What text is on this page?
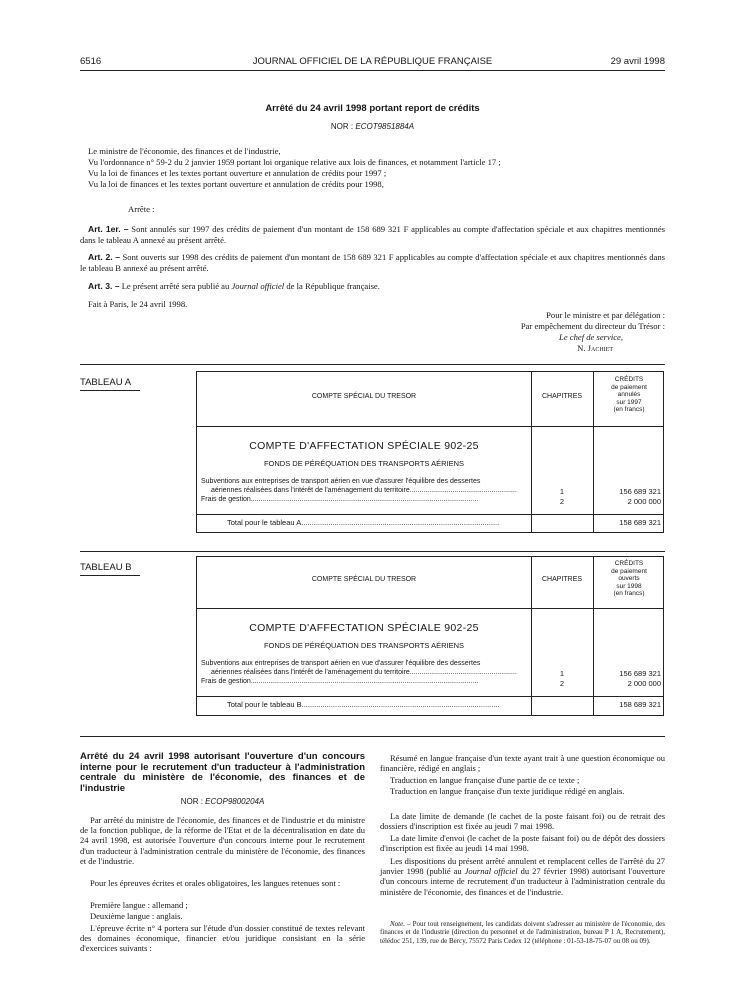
6516	JOURNAL OFFICIEL DE LA RÉPUBLIQUE FRANÇAISE	29 avril 1998
Arrêté du 24 avril 1998 portant report de crédits
NOR : ECOT9851884A
Le ministre de l'économie, des finances et de l'industrie,
Vu l'ordonnance n° 59-2 du 2 janvier 1959 portant loi organique relative aux lois de finances, et notamment l'article 17 ;
Vu la loi de finances et les textes portant ouverture et annulation de crédits pour 1997 ;
Vu la loi de finances et les textes portant ouverture et annulation de crédits pour 1998,
Arrête :
Art. 1er. – Sont annulés sur 1997 des crédits de paiement d'un montant de 158 689 321 F applicables au compte d'affectation spéciale et aux chapitres mentionnés dans le tableau A annexé au présent arrêté.
Art. 2. – Sont ouverts sur 1998 des crédits de paiement d'un montant de 158 689 321 F applicables au compte d'affectation spéciale et aux chapitres mentionnés dans le tableau B annexé au présent arrêté.
Art. 3. – Le présent arrêté sera publié au Journal officiel de la République française.
Fait à Paris, le 24 avril 1998.
Pour le ministre et par délégation :
Par empêchement du directeur du Trésor :
Le chef de service,
N. Jachiet
TABLEAU A
COMPTE SPÉCIAL DU TRESOR	CHAPITRES
CRÉDITS
de paiement
annulés
sur 1997
(en francs)
COMPTE D'AFFECTATION SPÉCIALE 902-25
FONDS DE PÉRÉQUATION DES TRANSPORTS AÉRIENS
Subventions aux entreprises de transport aérien en vue d'assurer l'équilibre des dessertes
aériennes réalisées dans l'intérêt de l'aménagement du territoire.......................................................	1	156 689 321
Frais de gestion.....................................................................................................................	2	2 000 000
Total pour le tableau A...............................................................................................	158 689 321
TABLEAU B
COMPTE SPÉCIAL DU TRESOR	CHAPITRES
CRÉDITS
de paiement
ouverts
sur 1998
(en francs)
COMPTE D'AFFECTATION SPÉCIALE 902-25
FONDS DE PÉRÉQUATION DES TRANSPORTS AÉRIENS
Subventions aux entreprises de transport aérien en vue d'assurer l'équilibre des dessertes
aériennes réalisées dans l'intérêt de l'aménagement du territoire.......................................................	1	156 689 321
Frais de gestion.....................................................................................................................	2	2 000 000
Total pour le tableau B...............................................................................................	158 689 321
Arrêté du 24 avril 1998 autorisant l'ouverture d'un concours interne pour le recrutement d'un traducteur à l'administration centrale du ministère de l'économie, des finances et de l'industrie
NOR : ECOP9800204A
Par arrêté du ministre de l'économie, des finances et de l'industrie et du ministre de la fonction publique, de la réforme de l'Etat et de la décentralisation en date du 24 avril 1998, est autorisée l'ouverture d'un concours interne pour le recrutement d'un traducteur à l'administration centrale du ministère de l'économie, des finances et de l'industrie.
Pour les épreuves écrites et orales obligatoires, les langues retenues sont :
Première langue : allemand ;
Deuxième langue : anglais.
L'épreuve écrite n° 4 portera sur l'étude d'un dossier constitué de textes relevant des domaines économique, financier et/ou juridique consistant en la série d'exercices suivants :
Résumé en langue française d'un texte ayant trait à une question économique ou financière, rédigé en anglais ;
Traduction en langue française d'une partie de ce texte ;
Traduction en langue française d'un texte juridique rédigé en anglais.
La date limite de demande (le cachet de la poste faisant foi) ou de retrait des dossiers d'inscription est fixée au jeudi 7 mai 1998.
La date limite d'envoi (le cachet de la poste faisant foi) ou de dépôt des dossiers d'inscription est fixée au jeudi 14 mai 1998.
Les dispositions du présent arrêté annulent et remplacent celles de l'arrêté du 27 janvier 1998 (publié au Journal officiel du 27 février 1998) autorisant l'ouverture d'un concours interne de recrutement d'un traducteur à l'administration centrale du ministère de l'économie, des finances et de l'industrie.
Note. – Pour tout renseignement, les candidats doivent s'adresser au ministère de l'économie, des finances et de l'industrie (direction du personnel et de l'administration, bureau P 1 A, Recrutement), télédoc 251, 139, rue de Bercy, 75572 Paris Cedex 12 (téléphone : 01-53-18-75-07 ou 08 ou 09).
